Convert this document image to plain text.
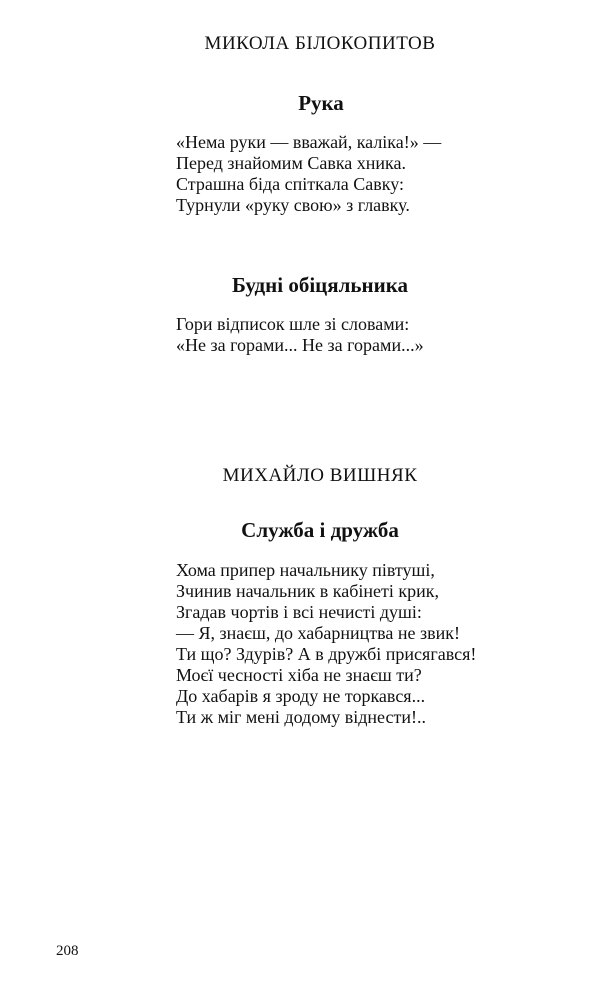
МИКОЛА БІЛОКОПИТОВ
Рука
«Нема руки — вважай, каліка!» —
Перед знайомим Савка хника.
Страшна біда спіткала Савку:
Турнули «руку свою» з главку.
Будні обіцяльника
Гори відписок шле зі словами:
«Не за горами... Не за горами...»
МИХАЙЛО ВИШНЯК
Служба і дружба
Хома припер начальнику півтуші,
Зчинив начальник в кабінеті крик,
Згадав чортів і всі нечисті душі:
— Я, знаєш, до хабарництва не звик!
Ти що? Здурів? А в дружбі присягався!
Моєї чесності хіба не знаєш ти?
До хабарів я зроду не торкався...
Ти ж міг мені додому віднести!..
208
